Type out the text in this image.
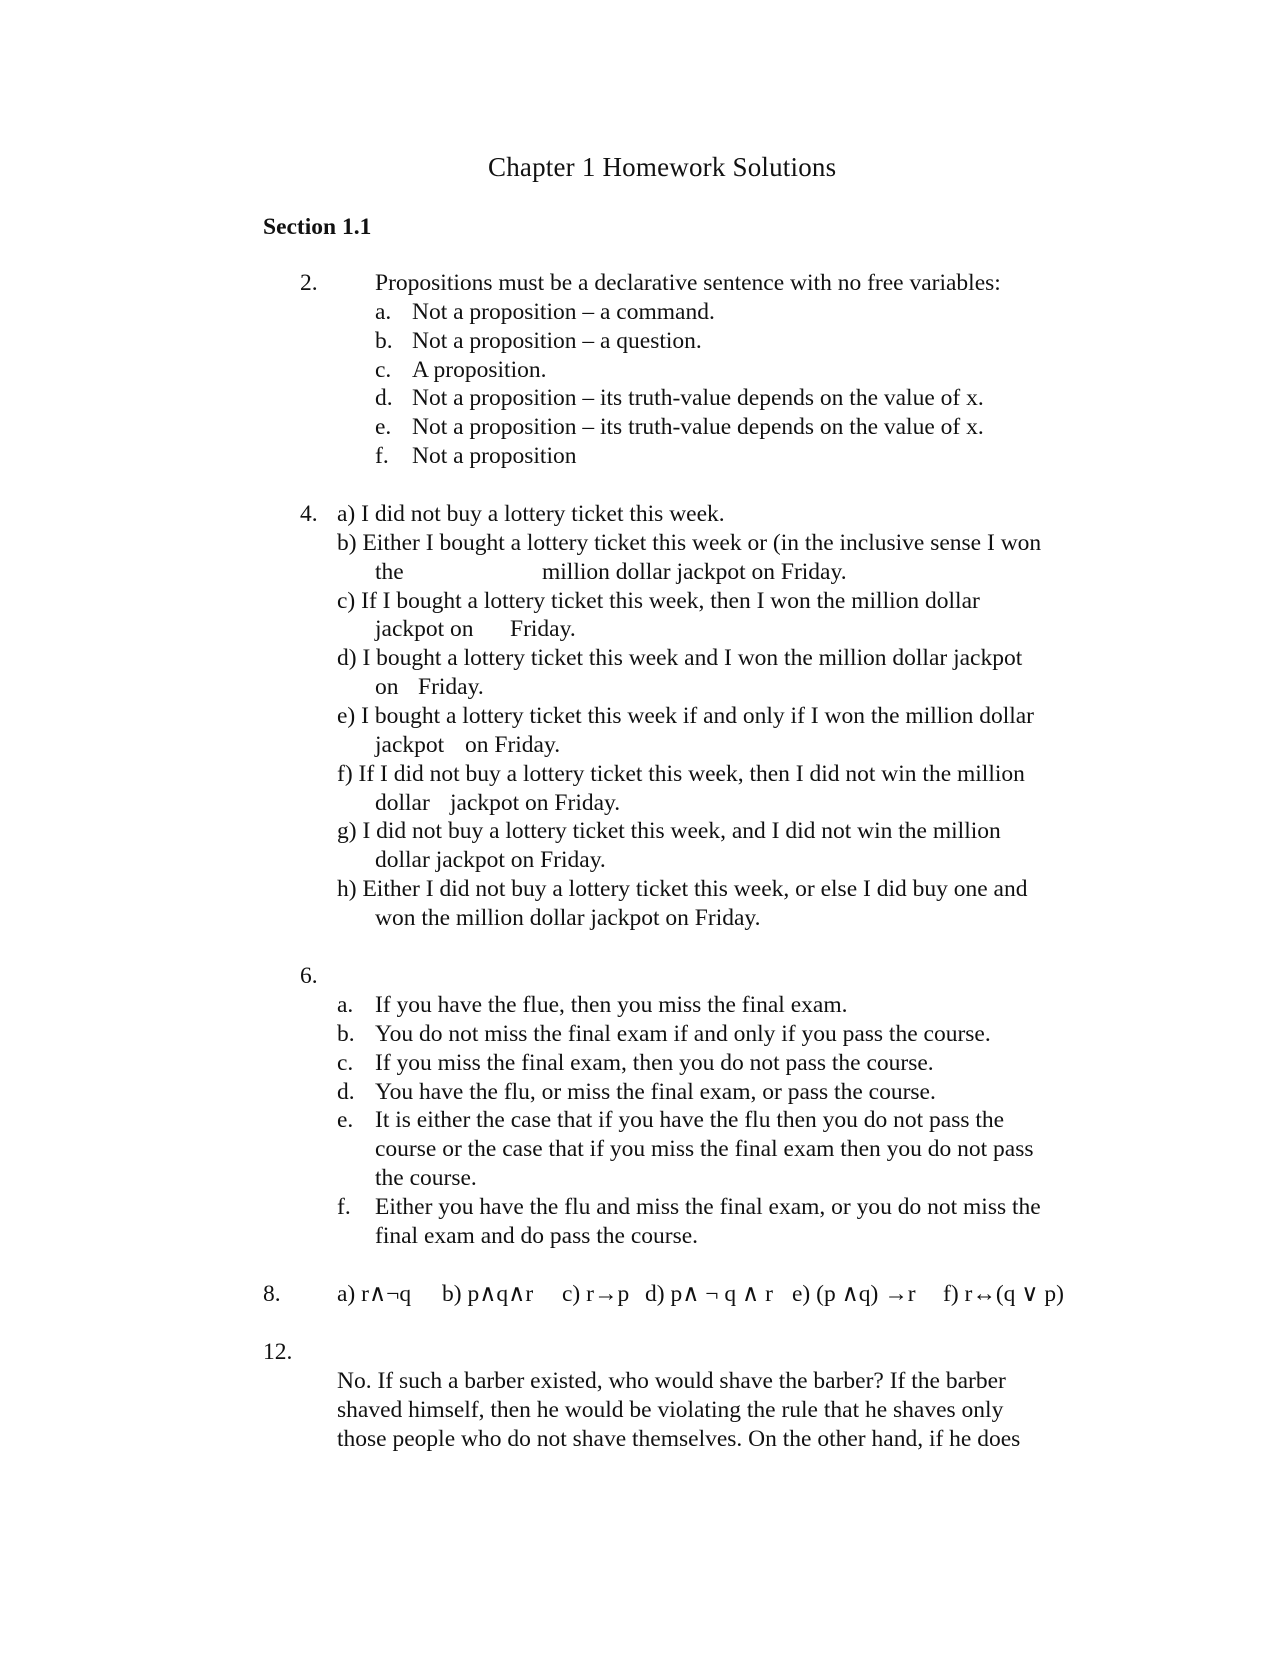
Chapter 1 Homework Solutions
Section 1.1
2. Propositions must be a declarative sentence with no free variables:
a. Not a proposition – a command.
b. Not a proposition – a question.
c. A proposition.
d. Not a proposition – its truth-value depends on the value of x.
e. Not a proposition – its truth-value depends on the value of x.
f. Not a proposition
4. a) I did not buy a lottery ticket this week.
b) Either I bought a lottery ticket this week or (in the inclusive sense I won
the	million dollar jackpot on Friday.
c) If I bought a lottery ticket this week, then I won the million dollar
jackpot on Friday.
d) I bought a lottery ticket this week and I won the million dollar jackpot
on Friday.
e) I bought a lottery ticket this week if and only if I won the million dollar
jackpot on Friday.
f) If I did not buy a lottery ticket this week, then I did not win the million
dollar jackpot on Friday.
g) I did not buy a lottery ticket this week, and I did not win the million
dollar jackpot on Friday.
h) Either I did not buy a lottery ticket this week, or else I did buy one and
won the million dollar jackpot on Friday.
6.
a. If you have the flue, then you miss the final exam.
b. You do not miss the final exam if and only if you pass the course.
c. If you miss the final exam, then you do not pass the course.
d. You have the flu, or miss the final exam, or pass the course.
e. It is either the case that if you have the flu then you do not pass the
course or the case that if you miss the final exam then you do not pass
the course.
f. Either you have the flu and miss the final exam, or you do not miss the
final exam and do pass the course.
8. a) r∧¬q b) p∧q∧r c) r→p d) p∧ ¬ q ∧ r e) (p ∧q) →r f) r↔(q ∨ p)
12.
No. If such a barber existed, who would shave the barber? If the barber
shaved himself, then he would be violating the rule that he shaves only
those people who do not shave themselves. On the other hand, if he does
